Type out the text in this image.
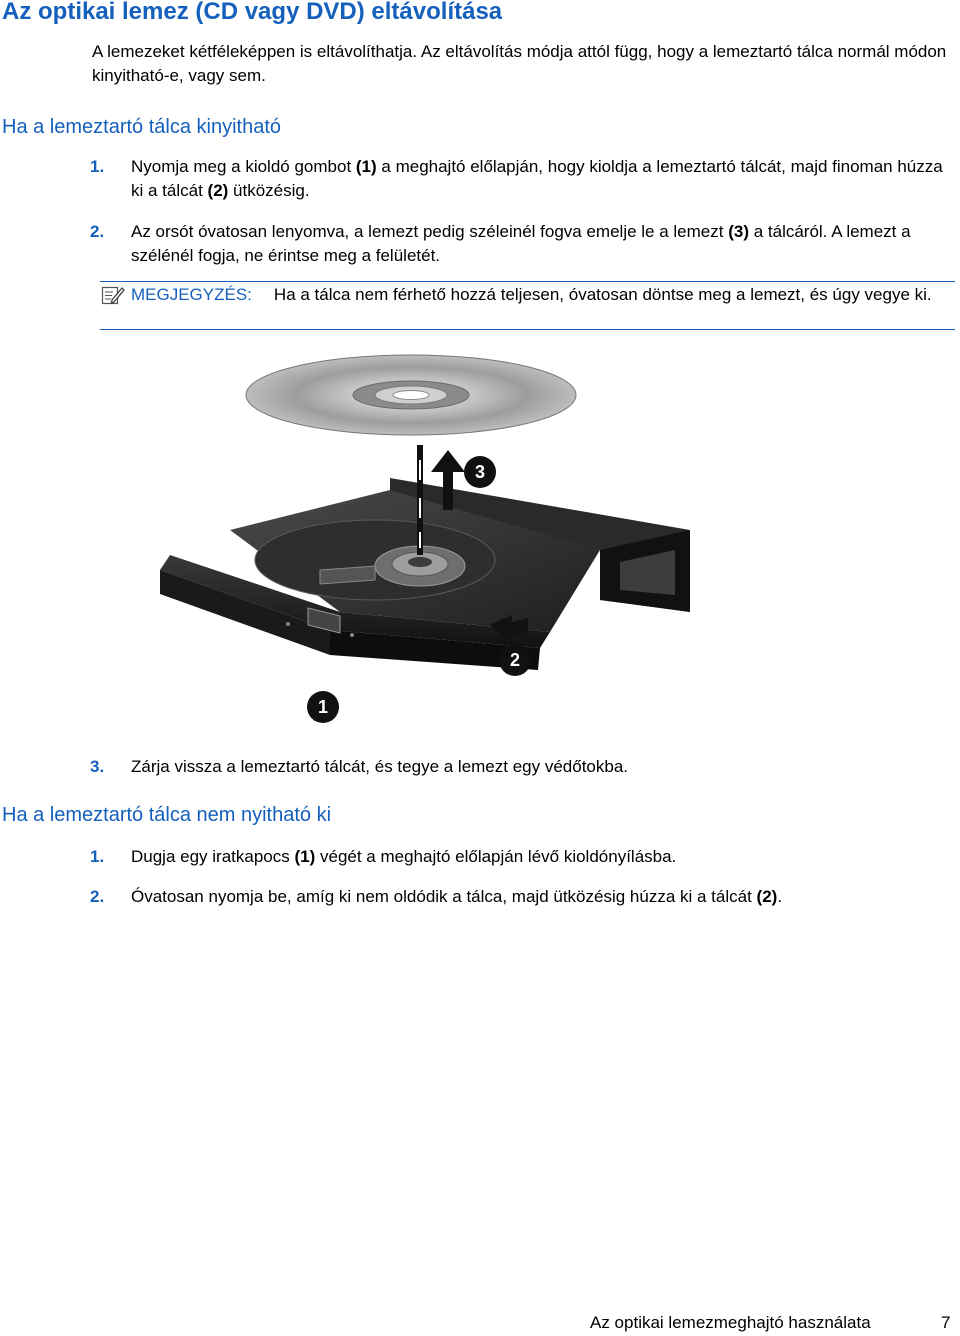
Az optikai lemez (CD vagy DVD) eltávolítása
A lemezeket kétféleképpen is eltávolíthatja. Az eltávolítás módja attól függ, hogy a lemeztartó tálca normál módon kinyitható-e, vagy sem.
Ha a lemeztartó tálca kinyitható
1. Nyomja meg a kioldó gombot (1) a meghajtó előlapján, hogy kioldja a lemeztartó tálcát, majd finoman húzza ki a tálcát (2) ütközésig.
2. Az orsót óvatosan lenyomva, a lemezt pedig széleinél fogva emelje le a lemezt (3) a tálcáról. A lemezt a szélénél fogja, ne érintse meg a felületét.
MEGJEGYZÉS: Ha a tálca nem férhető hozzá teljesen, óvatosan döntse meg a lemezt, és úgy vegye ki.
1
2
3
3. Zárja vissza a lemeztartó tálcát, és tegye a lemezt egy védőtokba.
Ha a lemeztartó tálca nem nyitható ki
1. Dugja egy iratkapocs (1) végét a meghajtó előlapján lévő kioldónyílásba.
2. Óvatosan nyomja be, amíg ki nem oldódik a tálca, majd ütközésig húzza ki a tálcát (2).
Az optikai lemezmeghajtó használata	7
